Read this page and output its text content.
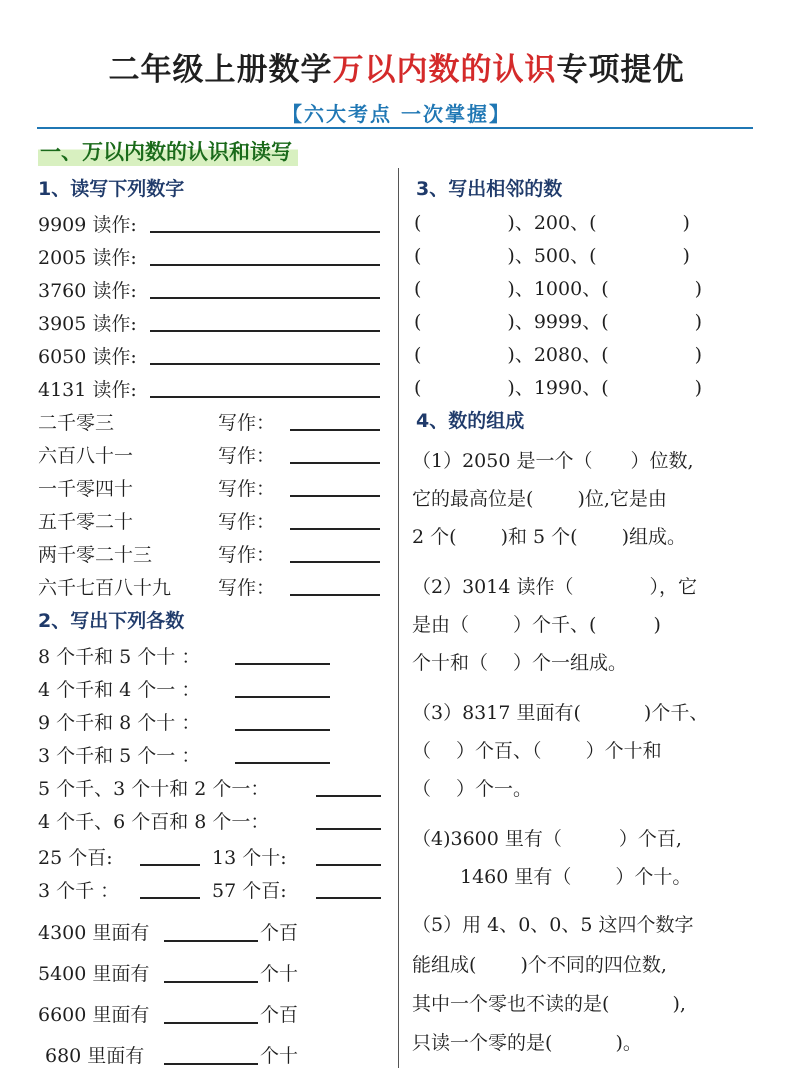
二年级上册数学万以内数的认识专项提优
【六大考点 一次掌握】
一、万以内数的认识和读写
1、读写下列数字
9909 读作:
2005 读作:
3760 读作:
3905 读作:
6050 读作:
4131 读作:
二千零三	写作：
六百八十一	写作：
一千零四十	写作：
五千零二十	写作：
两千零二十三	写作：
六千七百八十九 写作：
2、写出下列各数
8 个千和 5 个十 ：
4 个千和 4 个一 ：
9 个千和 8 个十 ：
3 个千和 5 个一 ：
5 个千、3 个十和 2 个一：
4 个千、6 个百和 8 个一：
25 个百:	13 个十:
3 个千 ：	57 个百:
4300 里面有	个百
5400 里面有	个十
6600 里面有	个百
680 里面有	个十
3、写出相邻的数
(	)、200、(	)
(	)、500、(	)
(	)、1000、(	)
(	)、9999、(	)
(	)、2080、(	)
(	)、1990、(	)
4、数的组成
（1）2050 是一个（　　）位数,
它的最高位是(　　 )位,它是由
2 个(　　 )和 5 个(　　 )组成。
（2）3014 读作（　　　　），它
是由（　　 ）个千、(　　　)
个十和（　 ）个一组成。
（3）8317 里面有(　　　 )个千、
（　 ）个百、（　　 ）个十和
（　 ）个一。
（4)3600 里有（　　　）个百,
1460 里有（　　 ）个十。
（5）用 4、0、0、5 这四个数字
能组成(　　 )个不同的四位数,
其中一个零也不读的是(　　　 ),
只读一个零的是(　　　 )。
